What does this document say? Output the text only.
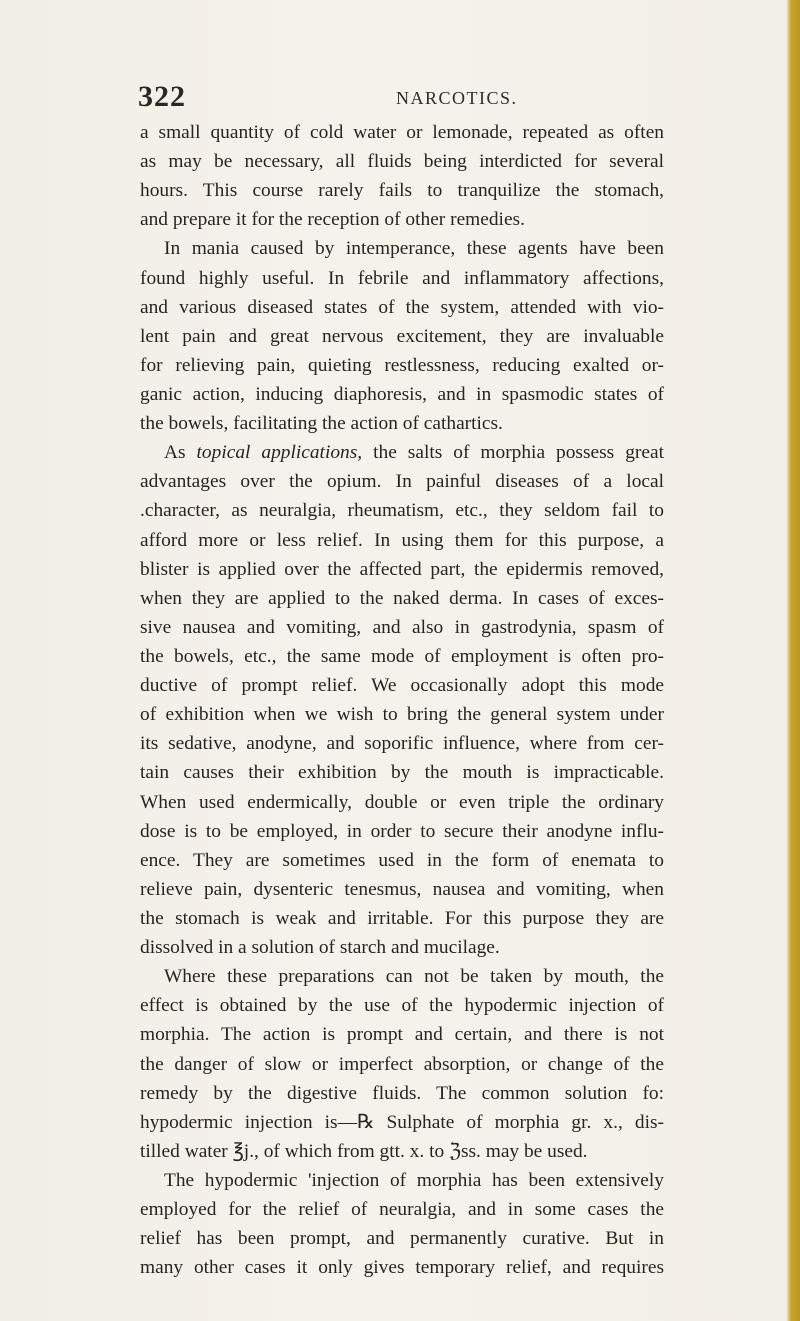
322	NARCOTICS.
a small quantity of cold water or lemonade, repeated as often
as may be necessary, all fluids being interdicted for several
hours. This course rarely fails to tranquilize the stomach,
and prepare it for the reception of other remedies.
In mania caused by intemperance, these agents have been
found highly useful. In febrile and inflammatory affections,
and various diseased states of the system, attended with vio-
lent pain and great nervous excitement, they are invaluable
for relieving pain, quieting restlessness, reducing exalted or-
ganic action, inducing diaphoresis, and in spasmodic states of
the bowels, facilitating the action of cathartics.
As topical applications, the salts of morphia possess great
advantages over the opium. In painful diseases of a local
.character, as neuralgia, rheumatism, etc., they seldom fail to
afford more or less relief. In using them for this purpose, a
blister is applied over the affected part, the epidermis removed,
when they are applied to the naked derma. In cases of exces-
sive nausea and vomiting, and also in gastrodynia, spasm of
the bowels, etc., the same mode of employment is often pro-
ductive of prompt relief. We occasionally adopt this mode
of exhibition when we wish to bring the general system under
its sedative, anodyne, and soporific influence, where from cer-
tain causes their exhibition by the mouth is impracticable.
When used endermically, double or even triple the ordinary
dose is to be employed, in order to secure their anodyne influ-
ence. They are sometimes used in the form of enemata to
relieve pain, dysenteric tenesmus, nausea and vomiting, when
the stomach is weak and irritable. For this purpose they are
dissolved in a solution of starch and mucilage.
Where these preparations can not be taken by mouth, the
effect is obtained by the use of the hypodermic injection of
morphia. The action is prompt and certain, and there is not
the danger of slow or imperfect absorption, or change of the
remedy by the digestive fluids. The common solution fo:
hypodermic injection is—℞ Sulphate of morphia gr. x., dis-
tilled water ℥j., of which from gtt. x. to ℨss. may be used.
The hypodermic 'injection of morphia has been extensively
employed for the relief of neuralgia, and in some cases the
relief has been prompt, and permanently curative. But in
many other cases it only gives temporary relief, and requires
